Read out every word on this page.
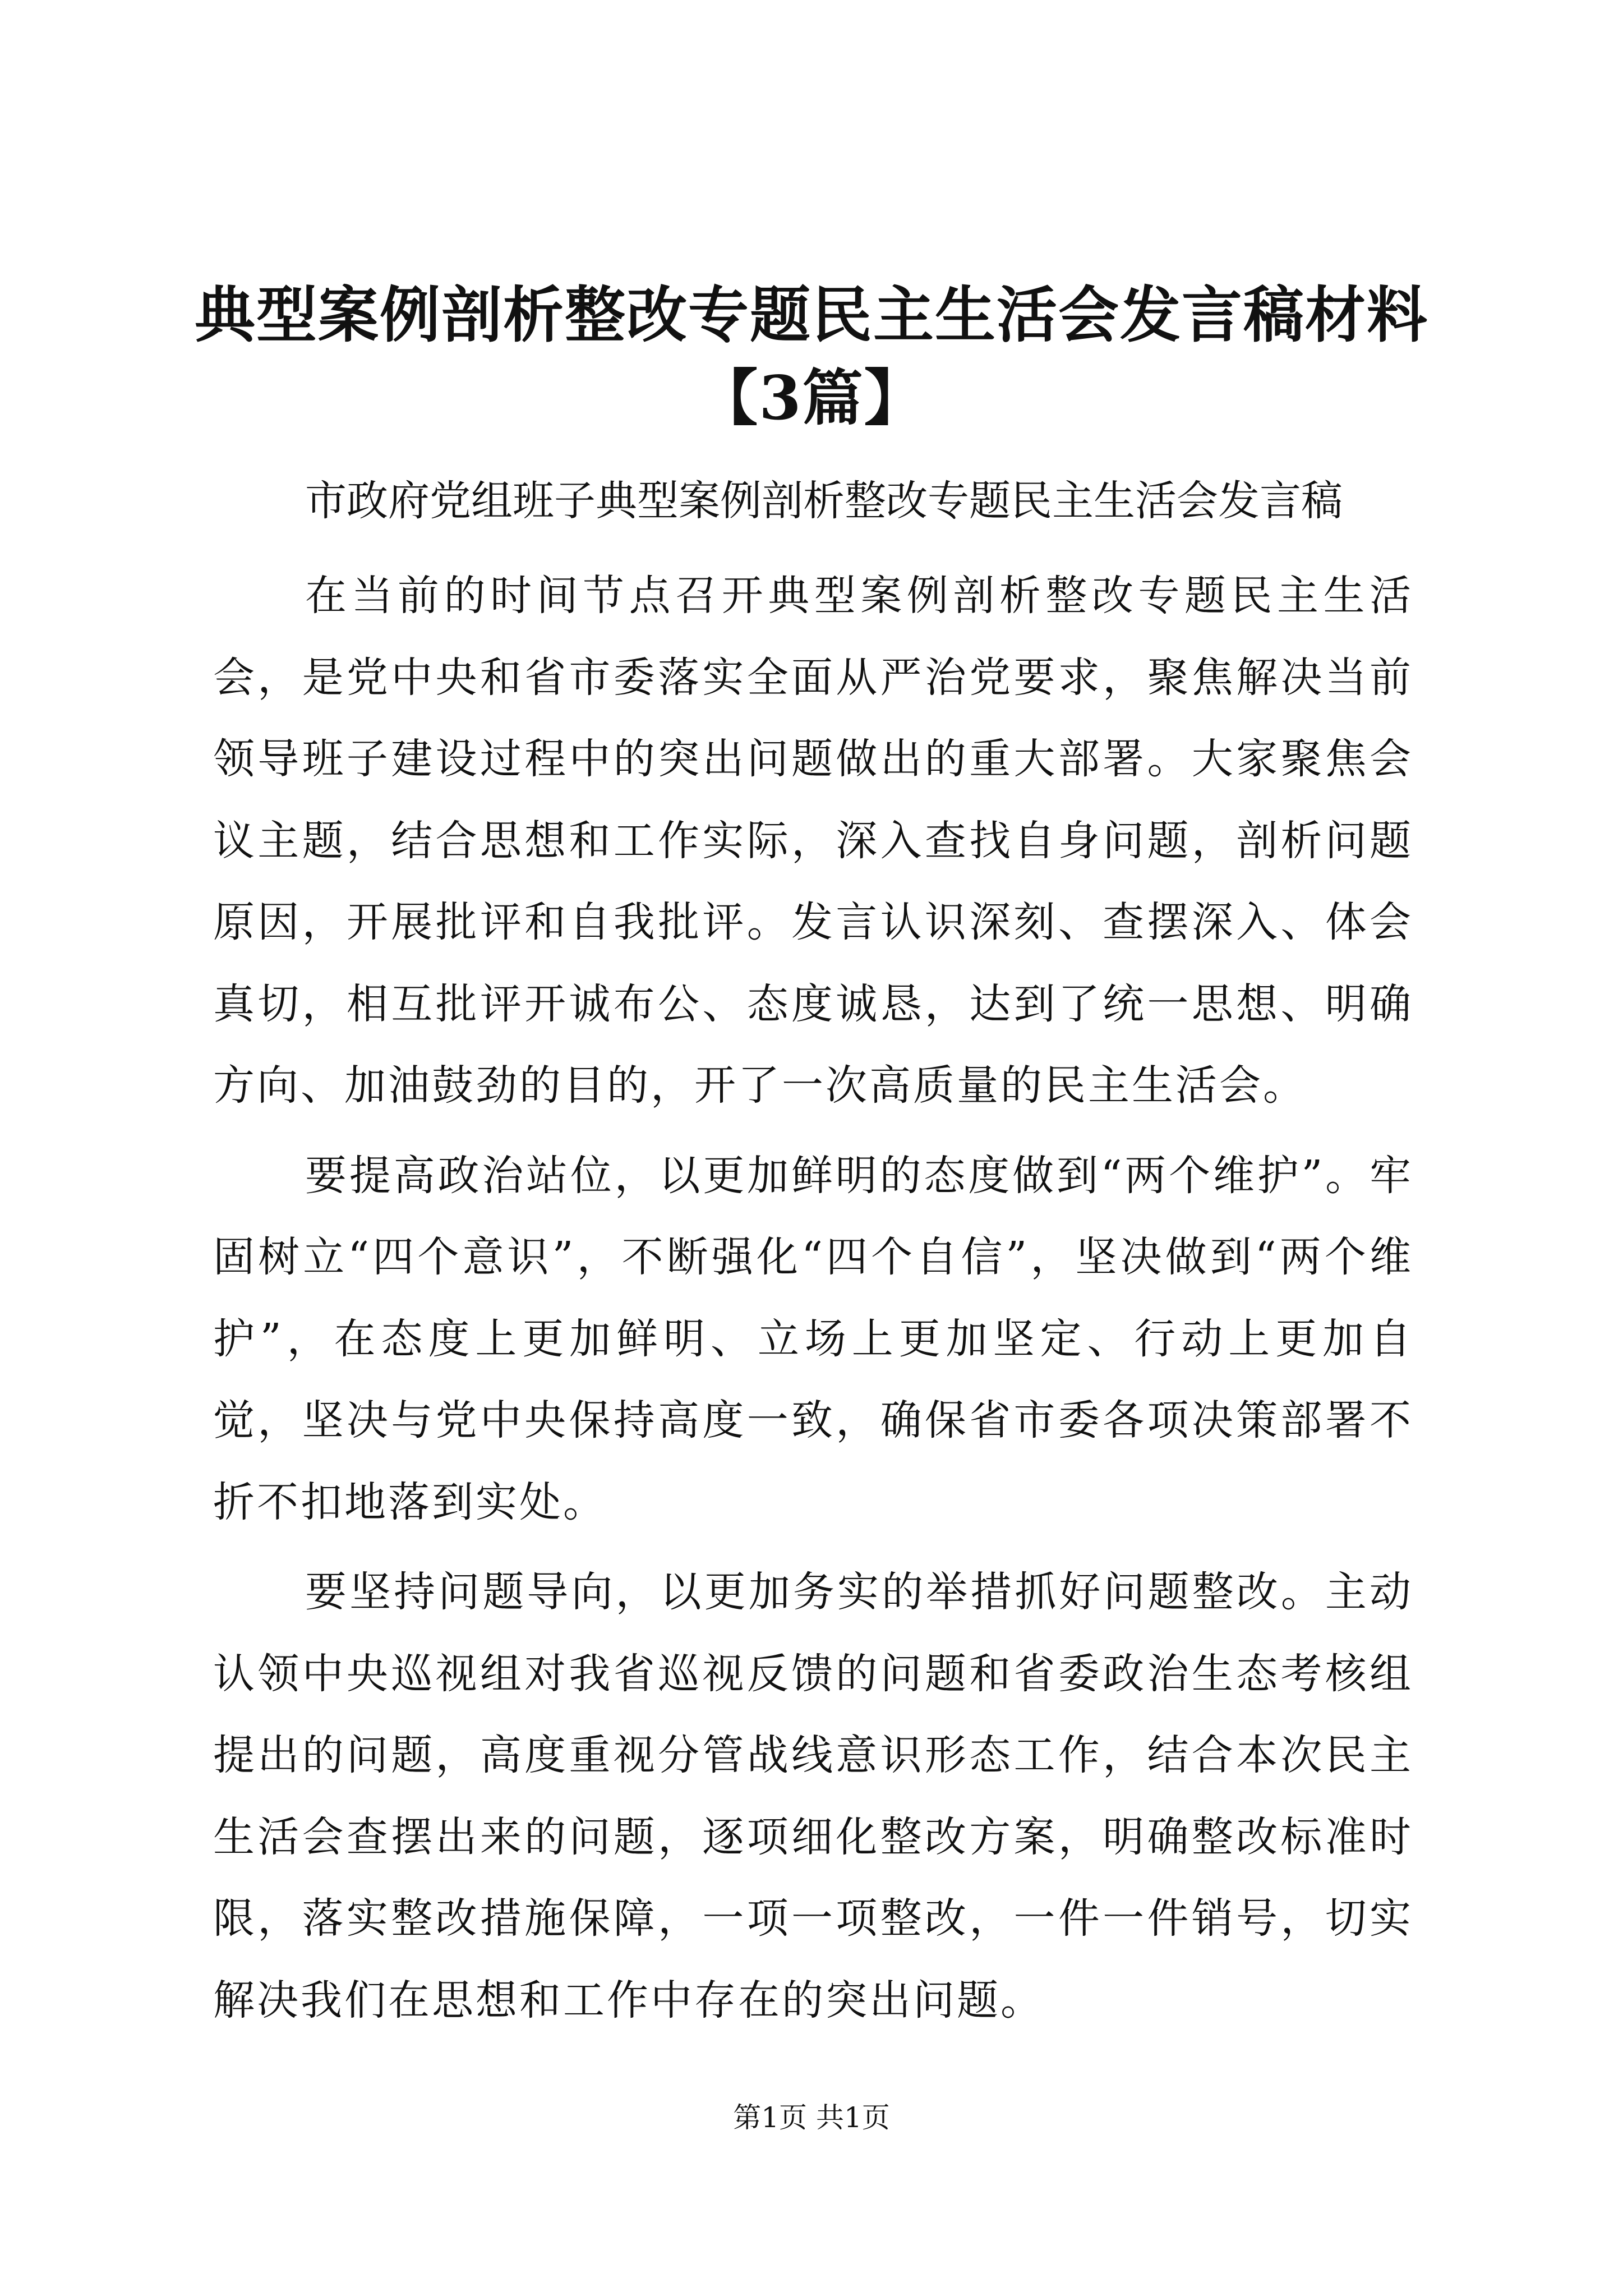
典型案例剖析整改专题民主生活会发言稿材料【3篇】

市政府党组班子典型案例剖析整改专题民主生活会发言稿

在当前的时间节点召开典型案例剖析整改专题民主生活会，是党中央和省市委落实全面从严治党要求，聚焦解决当前领导班子建设过程中的突出问题做出的重大部署。大家聚焦会议主题，结合思想和工作实际，深入查找自身问题，剖析问题原因，开展批评和自我批评。发言认识深刻、查摆深入、体会真切，相互批评开诚布公、态度诚恳，达到了统一思想、明确方向、加油鼓劲的目的，开了一次高质量的民主生活会。

要提高政治站位，以更加鲜明的态度做到“两个维护”。牢固树立“四个意识”，不断强化“四个自信”，坚决做到“两个维护”，在态度上更加鲜明、立场上更加坚定、行动上更加自觉，坚决与党中央保持高度一致，确保省市委各项决策部署不折不扣地落到实处。

要坚持问题导向，以更加务实的举措抓好问题整改。主动认领中央巡视组对我省巡视反馈的问题和省委政治生态考核组提出的问题，高度重视分管战线意识形态工作，结合本次民主生活会查摆出来的问题，逐项细化整改方案，明确整改标准时限，落实整改措施保障，一项一项整改，一件一件销号，切实解决我们在思想和工作中存在的突出问题。

第1页 共1页
